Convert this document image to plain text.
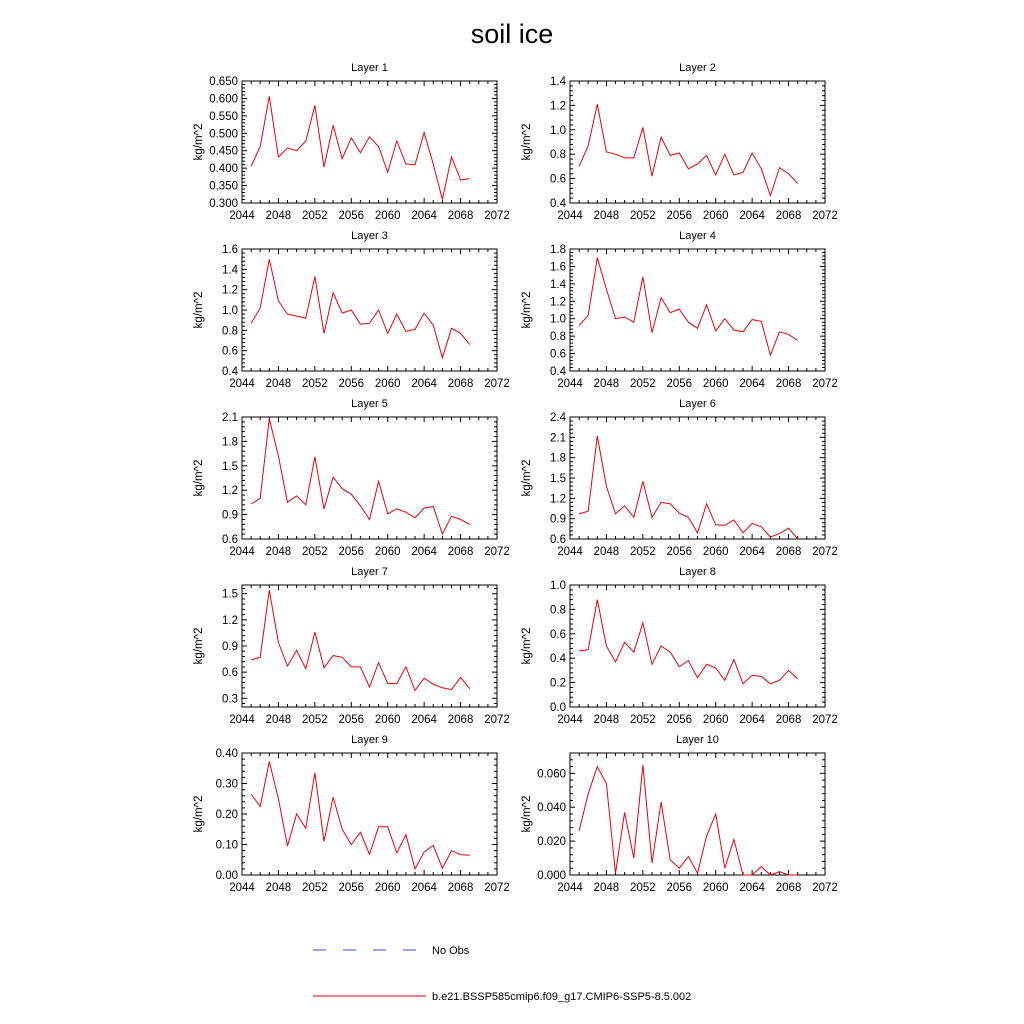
soil ice
Layer 1
2044 2048 2052 2056 2060 2064 2068 2072
0.300
0.350
0.400
0.450
0.500
0.550
0.600
0.650
kg/m^2
Layer 2
2044 2048 2052 2056 2060 2064 2068 2072
0.4
0.6
0.8
1.0
1.2
1.4
kg/m^2
Layer 3
2044 2048 2052 2056 2060 2064 2068 2072
0.4
0.6
0.8
1.0
1.2
1.4
1.6
kg/m^2
Layer 4
2044 2048 2052 2056 2060 2064 2068 2072
0.4
0.6
0.8
1.0
1.2
1.4
1.6
1.8
kg/m^2
Layer 5
2044 2048 2052 2056 2060 2064 2068 2072
0.6
0.9
1.2
1.5
1.8
2.1
kg/m^2
Layer 6
2044 2048 2052 2056 2060 2064 2068 2072
0.6
0.9
1.2
1.5
1.8
2.1
2.4
kg/m^2
Layer 7
2044 2048 2052 2056 2060 2064 2068 2072
0.3
0.6
0.9
1.2
1.5
kg/m^2
Layer 8
2044 2048 2052 2056 2060 2064 2068 2072
0.0
0.2
0.4
0.6
0.8
1.0
kg/m^2
Layer 9
2044 2048 2052 2056 2060 2064 2068 2072
0.00
0.10
0.20
0.30
0.40
kg/m^2
Layer 10
2044 2048 2052 2056 2060 2064 2068 2072
0.000
0.020
0.040
0.060
kg/m^2
No Obs
b.e21.BSSP585cmip6.f09_g17.CMIP6-SSP5-8.5.002
